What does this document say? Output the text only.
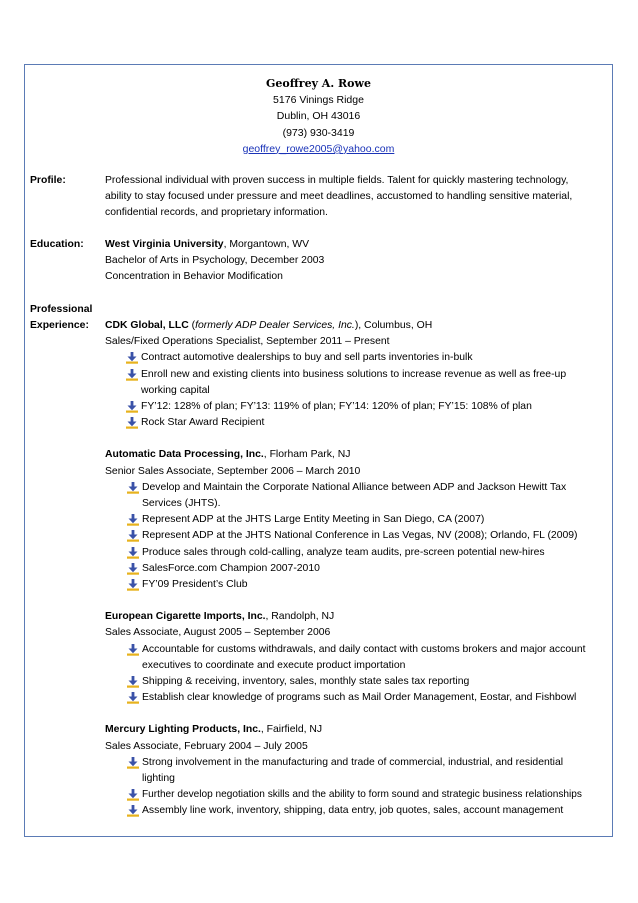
Geoffrey A. Rowe
5176 Vinings Ridge
Dublin, OH 43016
(973) 930-3419
geoffrey_rowe2005@yahoo.com
Profile:	Professional individual with proven success in multiple fields. Talent for quickly mastering technology,
ability to stay focused under pressure and meet deadlines, accustomed to handling sensitive material,
confidential records, and proprietary information.
Education:	West Virginia University, Morgantown, WV
Bachelor of Arts in Psychology, December 2003
Concentration in Behavior Modification
Professional
Experience:	CDK Global, LLC (formerly ADP Dealer Services, Inc.), Columbus, OH
Sales/Fixed Operations Specialist, September 2011 – Present
Contract automotive dealerships to buy and sell parts inventories in-bulk
Enroll new and existing clients into business solutions to increase revenue as well as free-up
working capital
FY’12: 128% of plan; FY’13: 119% of plan; FY’14: 120% of plan; FY’15: 108% of plan
Rock Star Award Recipient
Automatic Data Processing, Inc., Florham Park, NJ
Senior Sales Associate, September 2006 – March 2010
Develop and Maintain the Corporate National Alliance between ADP and Jackson Hewitt Tax
Services (JHTS).
Represent ADP at the JHTS Large Entity Meeting in San Diego, CA (2007)
Represent ADP at the JHTS National Conference in Las Vegas, NV (2008); Orlando, FL (2009)
Produce sales through cold-calling, analyze team audits, pre-screen potential new-hires
SalesForce.com Champion 2007-2010
FY’09 President’s Club
European Cigarette Imports, Inc., Randolph, NJ
Sales Associate, August 2005 – September 2006
Accountable for customs withdrawals, and daily contact with customs brokers and major account
executives to coordinate and execute product importation
Shipping & receiving, inventory, sales, monthly state sales tax reporting
Establish clear knowledge of programs such as Mail Order Management, Eostar, and Fishbowl
Mercury Lighting Products, Inc., Fairfield, NJ
Sales Associate, February 2004 – July 2005
Strong involvement in the manufacturing and trade of commercial, industrial, and residential
lighting
Further develop negotiation skills and the ability to form sound and strategic business relationships
Assembly line work, inventory, shipping, data entry, job quotes, sales, account management
